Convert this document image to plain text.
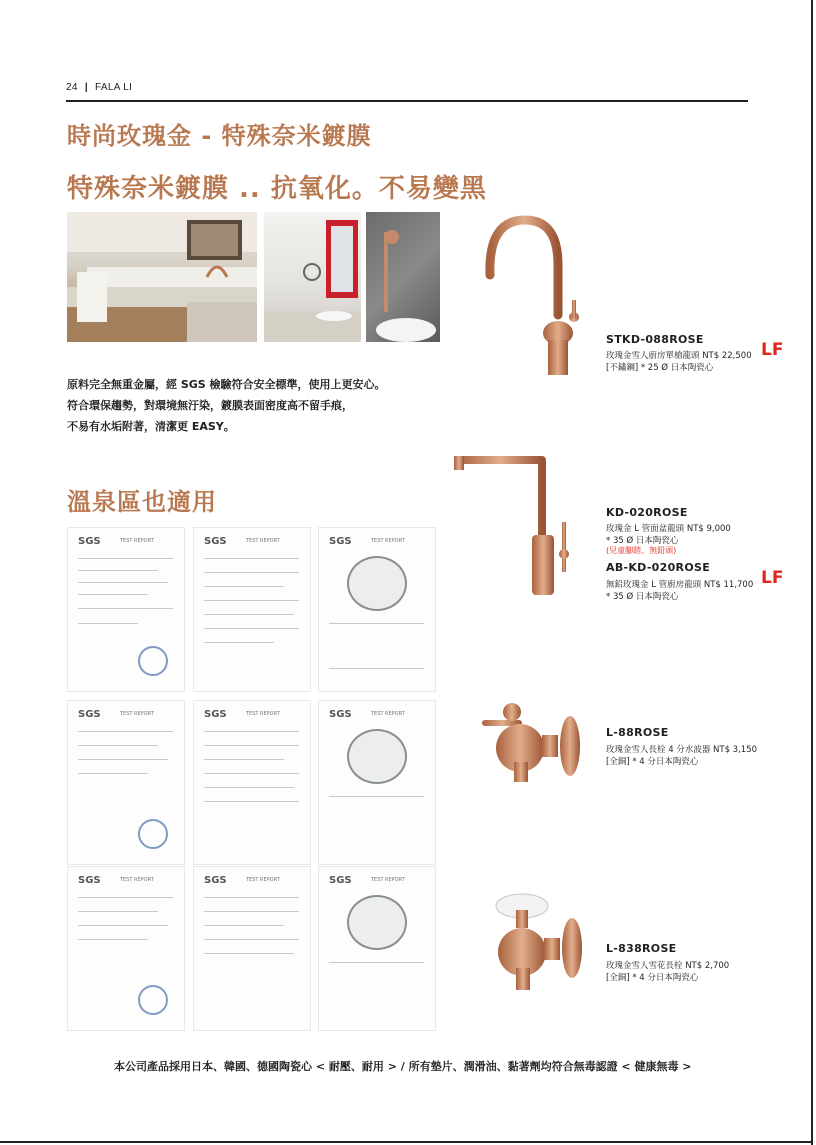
24 | FALA LI
時尚玫瑰金 - 特殊奈米鍍膜
特殊奈米鍍膜 .. 抗氧化。不易變黑
原料完全無重金屬，經 SGS 檢驗符合安全標準，使用上更安心。
符合環保趨勢，對環境無汙染，鍍膜表面密度高不留手痕，
不易有水垢附著，清潔更 EASY。
溫泉區也適用
SGS	TEST REPORT	SGS	TEST REPORT	SGS	TEST REPORT
SGS	TEST REPORT	SGS	TEST REPORT	SGS	TEST REPORT
SGS	TEST REPORT	SGS	TEST REPORT	SGS	TEST REPORT
STKD-088ROSE
玫瑰金雪人廚房單槍龍頭 NT$ 22,500
[不鏽鋼] * 25 Ø 日本陶瓷心
LF
KD-020ROSE
玫瑰金 L 管面盆龍頭 NT$ 9,000
* 35 Ø 日本陶瓷心
(兒童腳踏、無鉛頭)
AB-KD-020ROSE
無鉛玫瑰金 L 管廚房龍頭 NT$ 11,700
* 35 Ø 日本陶瓷心
LF
L-88ROSE
玫瑰金雪人長栓 4 分水波器 NT$ 3,150
[全銅] * 4 分日本陶瓷心
L-838ROSE
玫瑰金雪人雪花長栓 NT$ 2,700
[全銅] * 4 分日本陶瓷心
本公司產品採用日本、韓國、德國陶瓷心 < 耐壓、耐用 > / 所有墊片、潤滑油、黏著劑均符合無毒認證 < 健康無毒 >
